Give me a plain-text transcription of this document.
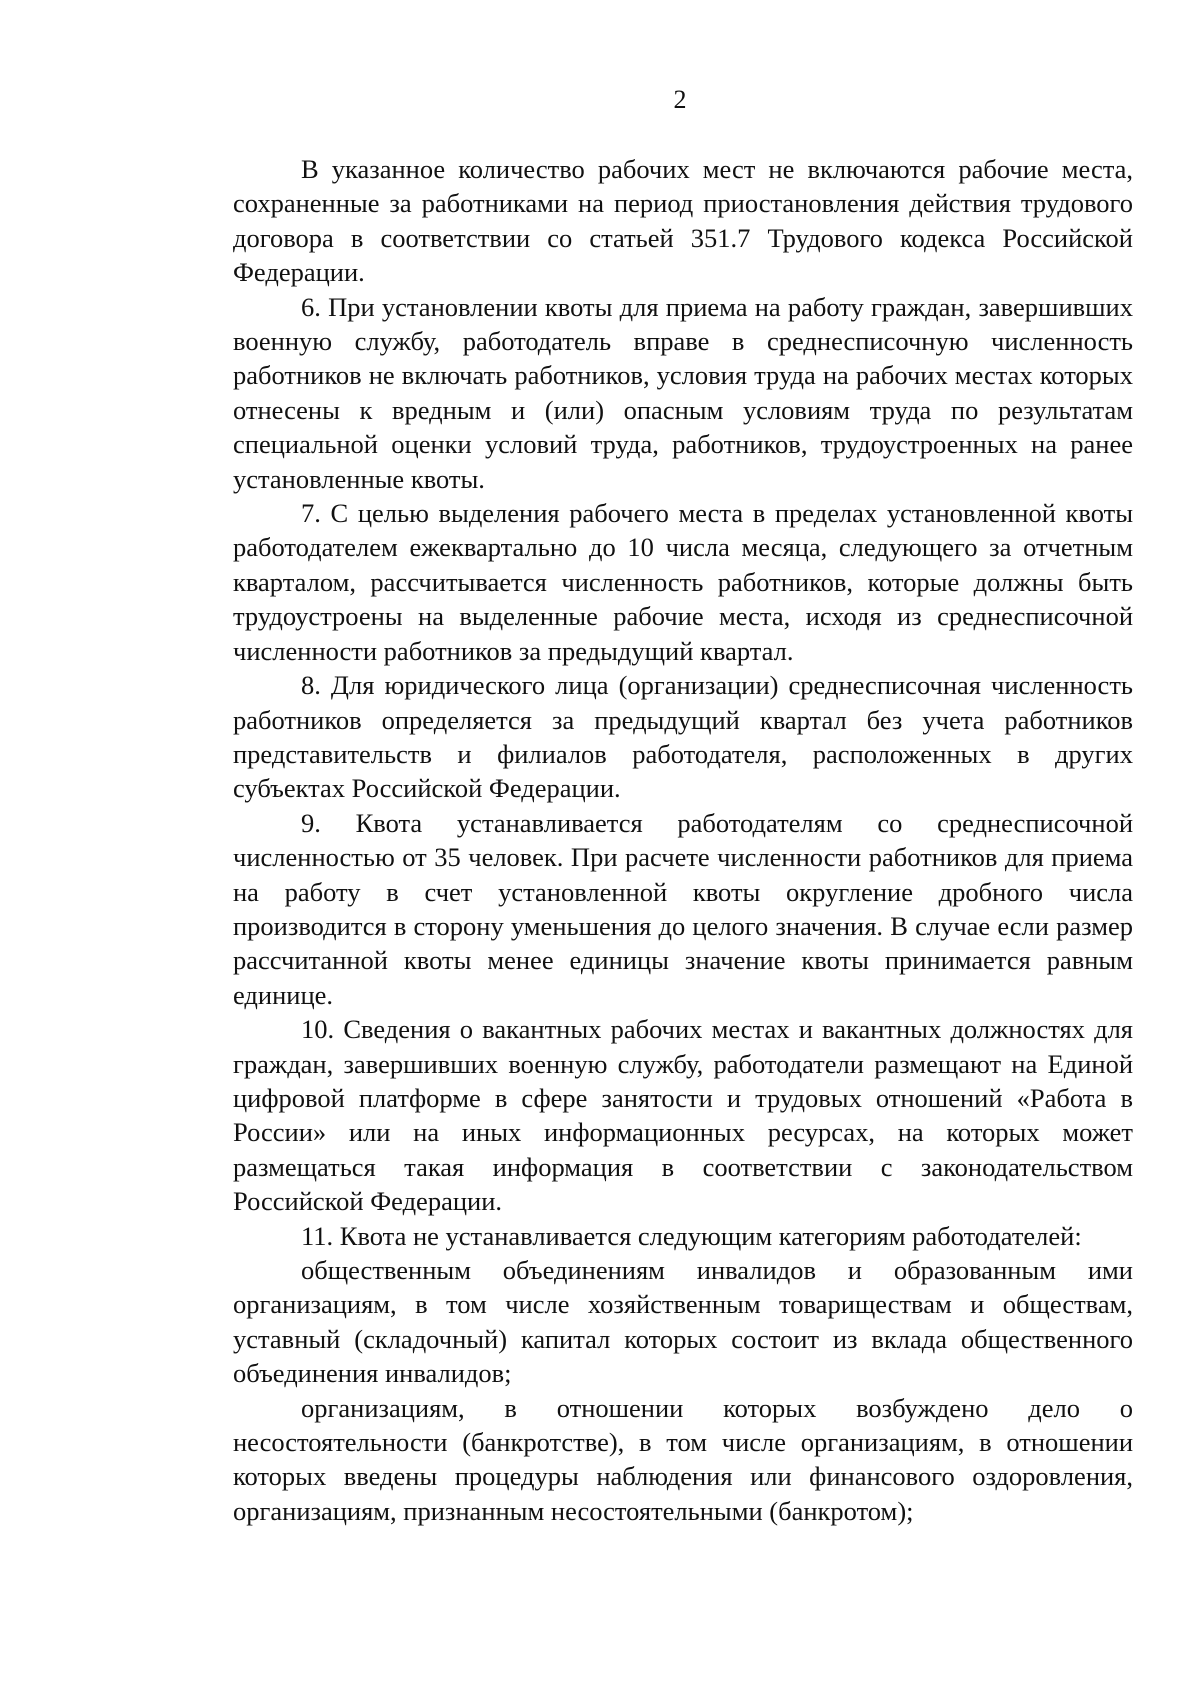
2

В указанное количество рабочих мест не включаются рабочие места, сохраненные за работниками на период приостановления действия трудового договора в соответствии со статьей 351.7 Трудового кодекса Российской Федерации.

6. При установлении квоты для приема на работу граждан, завершивших военную службу, работодатель вправе в среднесписочную численность работников не включать работников, условия труда на рабочих местах которых отнесены к вредным и (или) опасным условиям труда по результатам специальной оценки условий труда, работников, трудоустроенных на ранее установленные квоты.

7. С целью выделения рабочего места в пределах установленной квоты работодателем ежеквартально до 10 числа месяца, следующего за отчетным кварталом, рассчитывается численность работников, которые должны быть трудоустроены на выделенные рабочие места, исходя из среднесписочной численности работников за предыдущий квартал.

8. Для юридического лица (организации) среднесписочная численность работников определяется за предыдущий квартал без учета работников представительств и филиалов работодателя, расположенных в других субъектах Российской Федерации.

9. Квота устанавливается работодателям со среднесписочной численностью от 35 человек. При расчете численности работников для приема на работу в счет установленной квоты округление дробного числа производится в сторону уменьшения до целого значения. В случае если размер рассчитанной квоты менее единицы значение квоты принимается равным единице.

10. Сведения о вакантных рабочих местах и вакантных должностях для граждан, завершивших военную службу, работодатели размещают на Единой цифровой платформе в сфере занятости и трудовых отношений «Работа в России» или на иных информационных ресурсах, на которых может размещаться такая информация в соответствии с законодательством Российской Федерации.

11. Квота не устанавливается следующим категориям работодателей:

общественным объединениям инвалидов и образованным ими организациям, в том числе хозяйственным товариществам и обществам, уставный (складочный) капитал которых состоит из вклада общественного объединения инвалидов;

организациям, в отношении которых возбуждено дело о несостоятельности (банкротстве), в том числе организациям, в отношении которых введены процедуры наблюдения или финансового оздоровления, организациям, признанным несостоятельными (банкротом);
